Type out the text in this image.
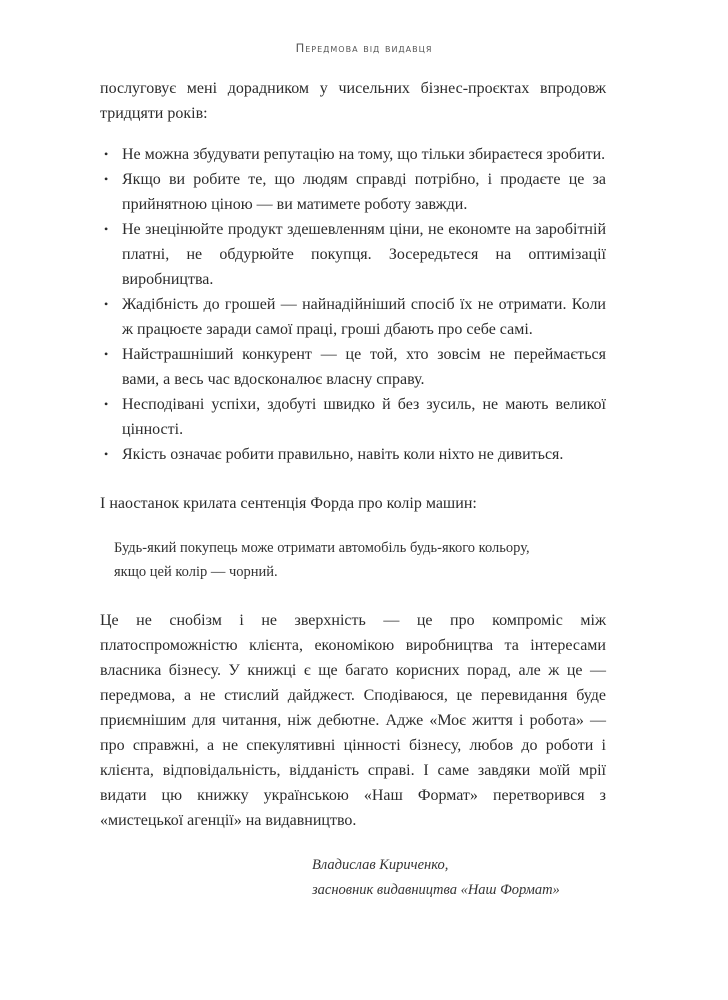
Передмова від видавця

послуговує мені дорадником у чисельних бізнес-проєктах впродовж тридцяти років:

• Не можна збудувати репутацію на тому, що тільки збираєтеся зробити.
• Якщо ви робите те, що людям справді потрібно, і продаєте це за прийнятною ціною — ви матимете роботу завжди.
• Не знецінюйте продукт здешевленням ціни, не економте на заробітній платні, не обдурюйте покупця. Зосередьтеся на оптимізації виробництва.
• Жадібність до грошей — найнадійніший спосіб їх не отримати. Коли ж працюєте заради самої праці, гроші дбають про себе самі.
• Найстрашніший конкурент — це той, хто зовсім не переймається вами, а весь час вдосконалює власну справу.
• Несподівані успіхи, здобуті швидко й без зусиль, не мають великої цінності.
• Якість означає робити правильно, навіть коли ніхто не дивиться.

І наостанок крилата сентенція Форда про колір машин:

Будь-який покупець може отримати автомобіль будь-якого кольору, якщо цей колір — чорний.

Це не снобізм і не зверхність — це про компроміс між платоспроможністю клієнта, економікою виробництва та інтересами власника бізнесу. У книжці є ще багато корисних порад, але ж це — передмова, а не стислий дайджест. Сподіваюся, це перевидання буде приємнішим для читання, ніж дебютне. Адже «Моє життя і робота» — про справжні, а не спекулятивні цінності бізнесу, любов до роботи і клієнта, відповідальність, відданість справі. І саме завдяки моїй мрії видати цю книжку українською «Наш Формат» перетворився з «мистецької агенції» на видавництво.

Владислав Кириченко,
засновник видавництва «Наш Формат»
